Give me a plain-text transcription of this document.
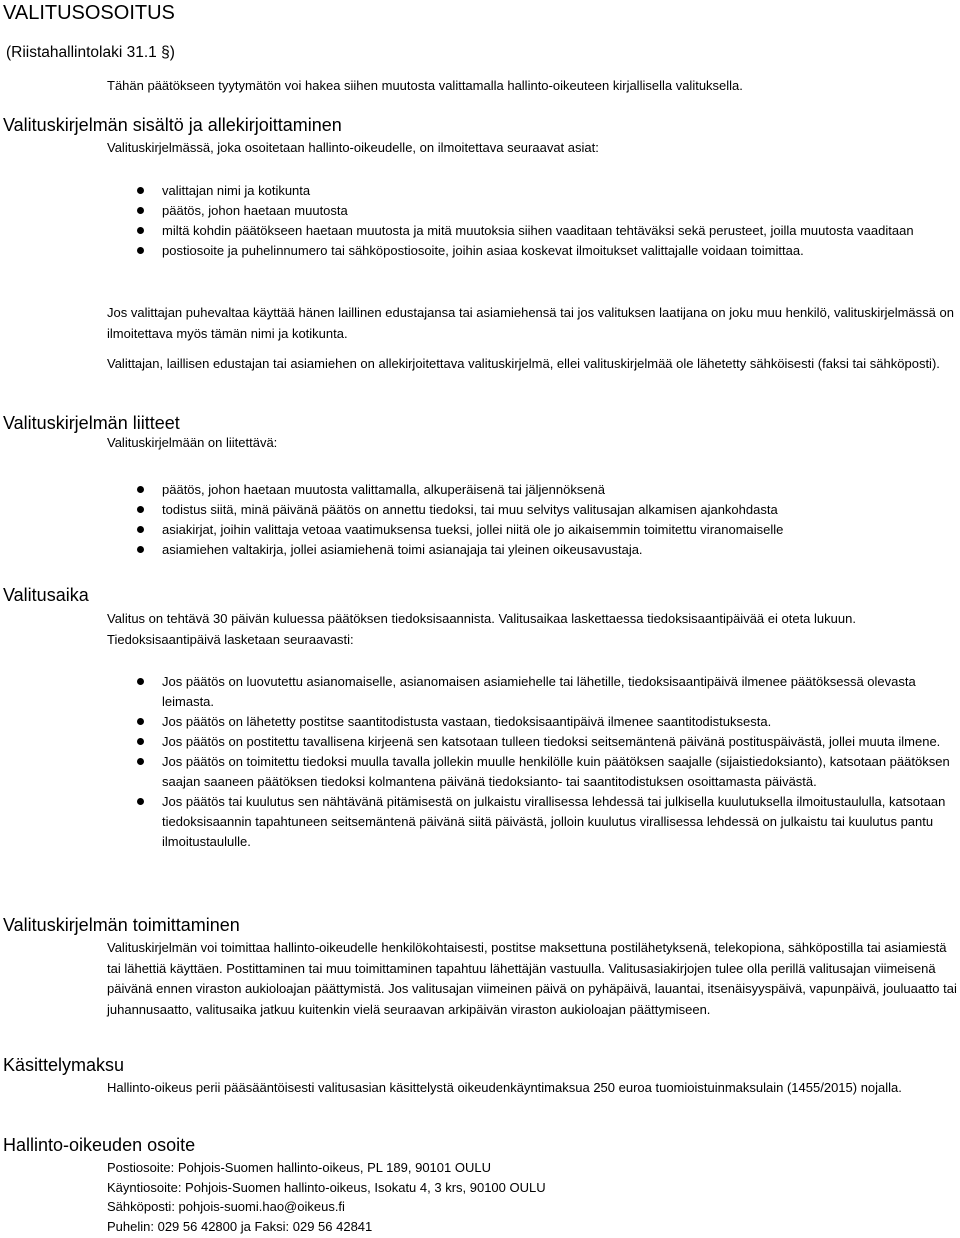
VALITUSOSOITUS
(Riistahallintolaki 31.1 §)

Tähän päätökseen tyytymätön voi hakea siihen muutosta valittamalla hallinto-oikeuteen kirjallisella valituksella.

Valituskirjelmän sisältö ja allekirjoittaminen

Valituskirjelmässä, joka osoitetaan hallinto-oikeudelle, on ilmoitettava seuraavat asiat:

valittajan nimi ja kotikunta
päätös, johon haetaan muutosta
miltä kohdin päätökseen haetaan muutosta ja mitä muutoksia siihen vaaditaan tehtäväksi sekä perusteet, joilla muutosta vaaditaan
postiosoite ja puhelinnumero tai sähköpostiosoite, joihin asiaa koskevat ilmoitukset valittajalle voidaan toimittaa.

Jos valittajan puhevaltaa käyttää hänen laillinen edustajansa tai asiamiehensä tai jos valituksen laatijana on joku muu henkilö, valituskirjelmässä on ilmoitettava myös tämän nimi ja kotikunta.

Valittajan, laillisen edustajan tai asiamiehen on allekirjoitettava valituskirjelmä, ellei valituskirjelmää ole lähetetty sähköisesti (faksi tai sähköposti).

Valituskirjelmän liitteet

Valituskirjelmään on liitettävä:

päätös, johon haetaan muutosta valittamalla, alkuperäisenä tai jäljennöksenä
todistus siitä, minä päivänä päätös on annettu tiedoksi, tai muu selvitys valitusajan alkamisen ajankohdasta
asiakirjat, joihin valittaja vetoaa vaatimuksensa tueksi, jollei niitä ole jo aikaisemmin toimitettu viranomaiselle
asiamiehen valtakirja, jollei asiamiehenä toimi asianajaja tai yleinen oikeusavustaja.
Valitusaika

Valitus on tehtävä 30 päivän kuluessa päätöksen tiedoksisaannista. Valitusaikaa laskettaessa tiedoksisaantipäivää ei oteta lukuun. Tiedoksisaantipäivä lasketaan seuraavasti:

Jos päätös on luovutettu asianomaiselle, asianomaisen asiamiehelle tai lähetille, tiedoksisaantipäivä ilmenee päätöksessä olevasta leimasta.
Jos päätös on lähetetty postitse saantitodistusta vastaan, tiedoksisaantipäivä ilmenee saantitodistuksesta.
Jos päätös on postitettu tavallisena kirjeenä sen katsotaan tulleen tiedoksi seitsemäntenä päivänä postituspäivästä, jollei muuta ilmene.
Jos päätös on toimitettu tiedoksi muulla tavalla jollekin muulle henkilölle kuin päätöksen saajalle (sijaistiedoksianto), katsotaan päätöksen saajan saaneen päätöksen tiedoksi kolmantena päivänä tiedoksianto- tai saantitodistuksen osoittamasta päivästä.
Jos päätös tai kuulutus sen nähtävänä pitämisestä on julkaistu virallisessa lehdessä tai julkisella kuulutuksella ilmoitustaululla, katsotaan tiedoksisaannin tapahtuneen seitsemäntenä päivänä siitä päivästä, jolloin kuulutus virallisessa lehdessä on julkaistu tai kuulutus pantu ilmoitustaululle.
Valituskirjelmän toimittaminen

Valituskirjelmän voi toimittaa hallinto-oikeudelle henkilökohtaisesti, postitse maksettuna postilähetyksenä, telekopiona, sähköpostilla tai asiamiestä tai lähettiä käyttäen. Postittaminen tai muu toimittaminen tapahtuu lähettäjän vastuulla. Valitusasiakirjojen tulee olla perillä valitusajan viimeisenä päivänä ennen viraston aukioloajan päättymistä. Jos valitusajan viimeinen päivä on pyhäpäivä, lauantai, itsenäisyyspäivä, vapunpäivä, jouluaatto tai juhannusaatto, valitusaika jatkuu kuitenkin vielä seuraavan arkipäivän viraston aukioloajan päättymiseen.

Käsittelymaksu

Hallinto-oikeus perii pääsääntöisesti valitusasian käsittelystä oikeudenkäyntimaksua 250 euroa tuomioistuinmaksulain (1455/2015) nojalla.

Hallinto-oikeuden osoite
Postiosoite: Pohjois-Suomen hallinto-oikeus, PL 189, 90101 OULU
Käyntiosoite: Pohjois-Suomen hallinto-oikeus, Isokatu 4, 3 krs, 90100 OULU
Sähköposti: pohjois-suomi.hao@oikeus.fi
Puhelin: 029 56 42800 ja Faksi: 029 56 42841
